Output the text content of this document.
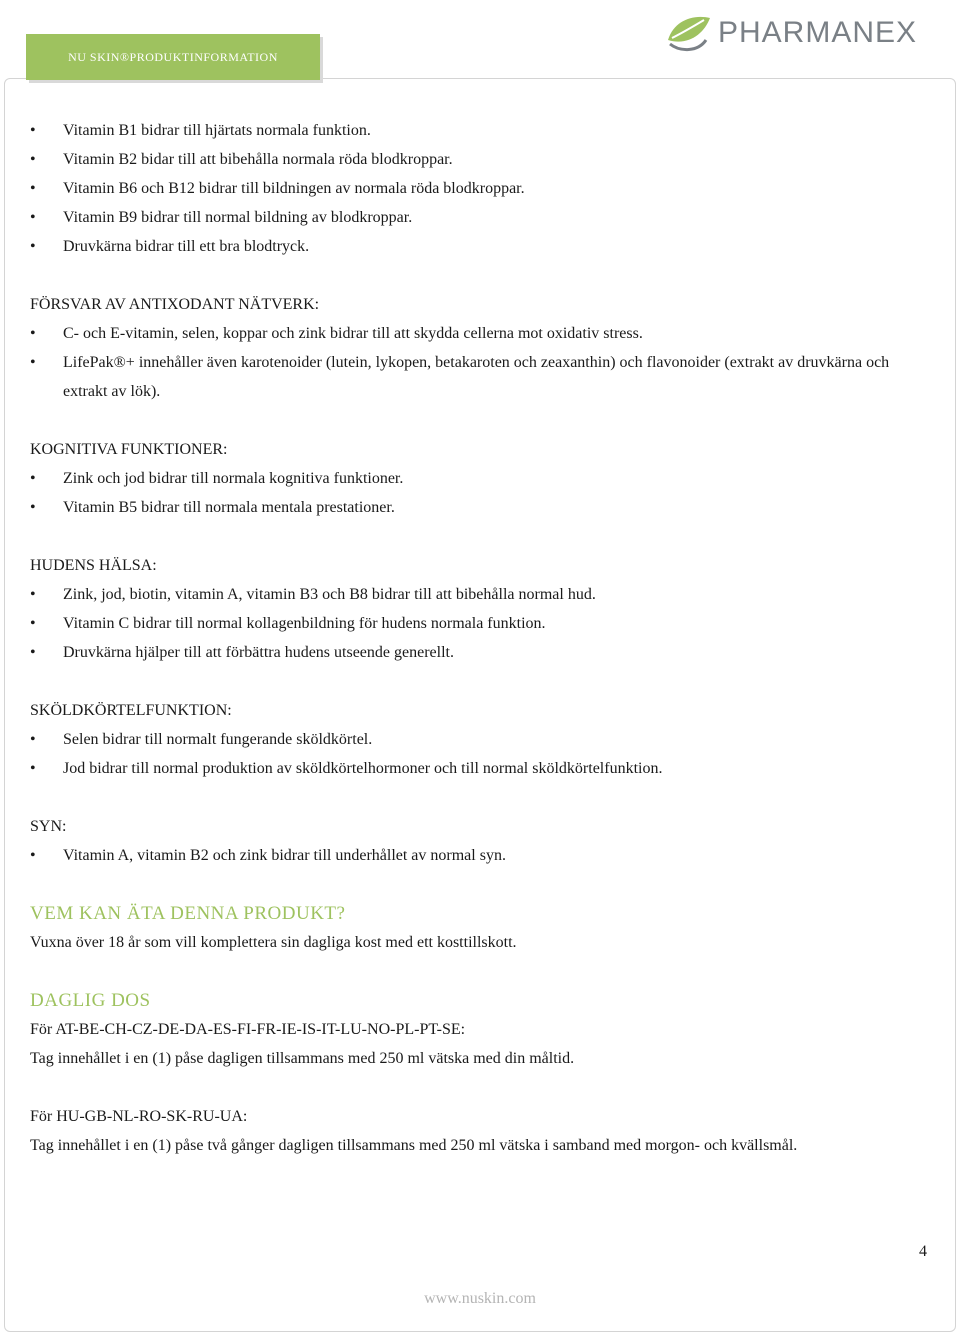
NU SKIN®PRODUKTINFORMATION
PHARMANEX
• Vitamin B1 bidrar till hjärtats normala funktion.
• Vitamin B2 bidar till att bibehålla normala röda blodkroppar.
• Vitamin B6 och B12 bidrar till bildningen av normala röda blodkroppar.
• Vitamin B9 bidrar till normal bildning av blodkroppar.
• Druvkärna bidrar till ett bra blodtryck.

FÖRSVAR AV ANTIXODANT NÄTVERK:

• C- och E-vitamin, selen, koppar och zink bidrar till att skydda cellerna mot oxidativ stress.
• LifePak®+ innehåller även karotenoider (lutein, lykopen, betakaroten och zeaxanthin) och flavonoider (extrakt av druvkärna och extrakt av lök).

KOGNITIVA FUNKTIONER:

• Zink och jod bidrar till normala kognitiva funktioner.
• Vitamin B5 bidrar till normala mentala prestationer.

HUDENS HÄLSA:

• Zink, jod, biotin, vitamin A, vitamin B3 och B8 bidrar till att bibehålla normal hud.
• Vitamin C bidrar till normal kollagenbildning för hudens normala funktion.
• Druvkärna hjälper till att förbättra hudens utseende generellt.

SKÖLDKÖRTELFUNKTION:

• Selen bidrar till normalt fungerande sköldkörtel.
• Jod bidrar till normal produktion av sköldkörtelhormoner och till normal sköldkörtelfunktion.

SYN:

• Vitamin A, vitamin B2 och zink bidrar till underhållet av normal syn.

VEM KAN ÄTA DENNA PRODUKT?

Vuxna över 18 år som vill komplettera sin dagliga kost med ett kosttillskott.

DAGLIG DOS

För AT-BE-CH-CZ-DE-DA-ES-FI-FR-IE-IS-IT-LU-NO-PL-PT-SE:

Tag innehållet i en (1) påse dagligen tillsammans med 250 ml vätska med din måltid.

För HU-GB-NL-RO-SK-RU-UA:

Tag innehållet i en (1) påse två gånger dagligen tillsammans med 250 ml vätska i samband med morgon- och kvällsmål.

4
www.nuskin.com
